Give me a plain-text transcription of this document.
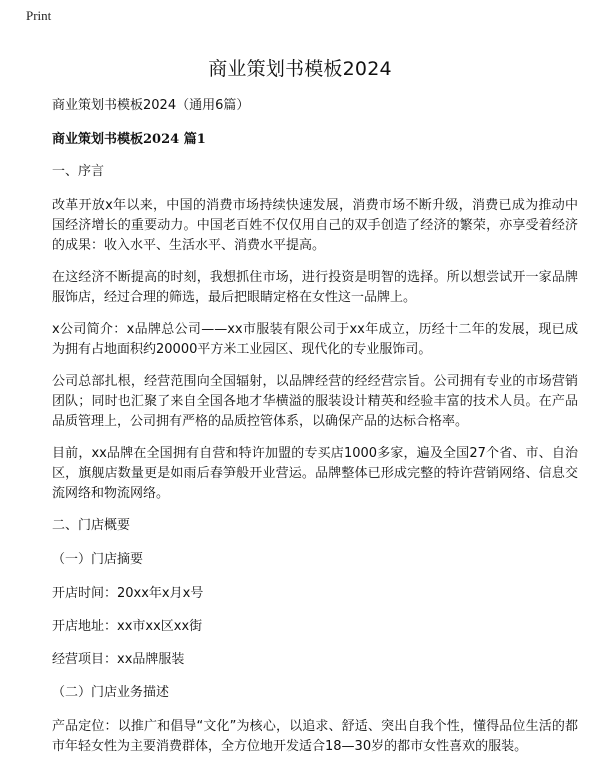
Print
商业策划书模板2024

商业策划书模板2024（通用6篇）

商业策划书模板2024 篇1

一、序言

改革开放x年以来，中国的消费市场持续快速发展，消费市场不断升级，消费已成为推动中国经济增长的重要动力。中国老百姓不仅仅用自己的双手创造了经济的繁荣，亦享受着经济的成果：收入水平、生活水平、消费水平提高。

在这经济不断提高的时刻，我想抓住市场，进行投资是明智的选择。所以想尝试开一家品牌服饰店，经过合理的筛选，最后把眼睛定格在女性这一品牌上。

x公司简介：x品牌总公司——xx市服装有限公司于xx年成立，历经十二年的发展，现已成为拥有占地面积约20000平方米工业园区、现代化的专业服饰司。

公司总部扎根，经营范围向全国辐射，以品牌经营的经经营宗旨。公司拥有专业的市场营销团队；同时也汇聚了来自全国各地才华横溢的服装设计精英和经验丰富的技术人员。在产品品质管理上，公司拥有严格的品质控管体系，以确保产品的达标合格率。

目前，xx品牌在全国拥有自营和特许加盟的专买店1000多家，遍及全国27个省、市、自治区，旗舰店数量更是如雨后春笋般开业营运。品牌整体已形成完整的特许营销网络、信息交流网络和物流网络。

二、门店概要

（一）门店摘要

开店时间：20xx年x月x号

开店地址：xx市xx区xx街

经营项目：xx品牌服装

（二）门店业务描述

产品定位：以推广和倡导“文化”为核心，以追求、舒适、突出自我个性，懂得品位生活的都市年轻女性为主要消费群体，全方位地开发适合18—30岁的都市女性喜欢的服装。
